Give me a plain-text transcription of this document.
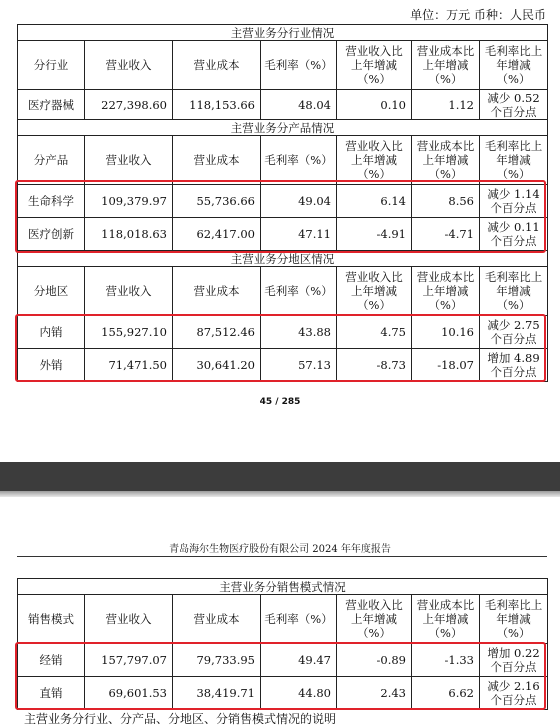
单位：万元 币种：人民币
主营业务分行业情况						
分行业	营业收入	营业成本	毛利率（%）	营业收入比上年增减（%）	营业成本比上年增减（%）	毛利率比上年增减（%）
医疗器械	227,398.60	118,153.66	48.04	0.10	1.12	减少 0.52 个百分点
主营业务分产品情况						
分产品	营业收入	营业成本	毛利率（%）	营业收入比上年增减（%）	营业成本比上年增减（%）	毛利率比上年增减（%）
生命科学	109,379.97	55,736.66	49.04	6.14	8.56	减少 1.14 个百分点
医疗创新	118,018.63	62,417.00	47.11	-4.91	-4.71	减少 0.11 个百分点
主营业务分地区情况						
分地区	营业收入	营业成本	毛利率（%）	营业收入比上年增减（%）	营业成本比上年增减（%）	毛利率比上年增减（%）
内销	155,927.10	87,512.46	43.88	4.75	10.16	减少 2.75 个百分点
外销	71,471.50	30,641.20	57.13	-8.73	-18.07	增加 4.89 个百分点
45 / 285
青岛海尔生物医疗股份有限公司 2024 年年度报告
主营业务分销售模式情况						
销售模式	营业收入	营业成本	毛利率（%）	营业收入比上年增减（%）	营业成本比上年增减（%）	毛利率比上年增减（%）
经销	157,797.07	79,733.95	49.47	-0.89	-1.33	增加 0.22 个百分点
直销	69,601.53	38,419.71	44.80	2.43	6.62	减少 2.16 个百分点
主营业务分行业、分产品、分地区、分销售模式情况的说明
